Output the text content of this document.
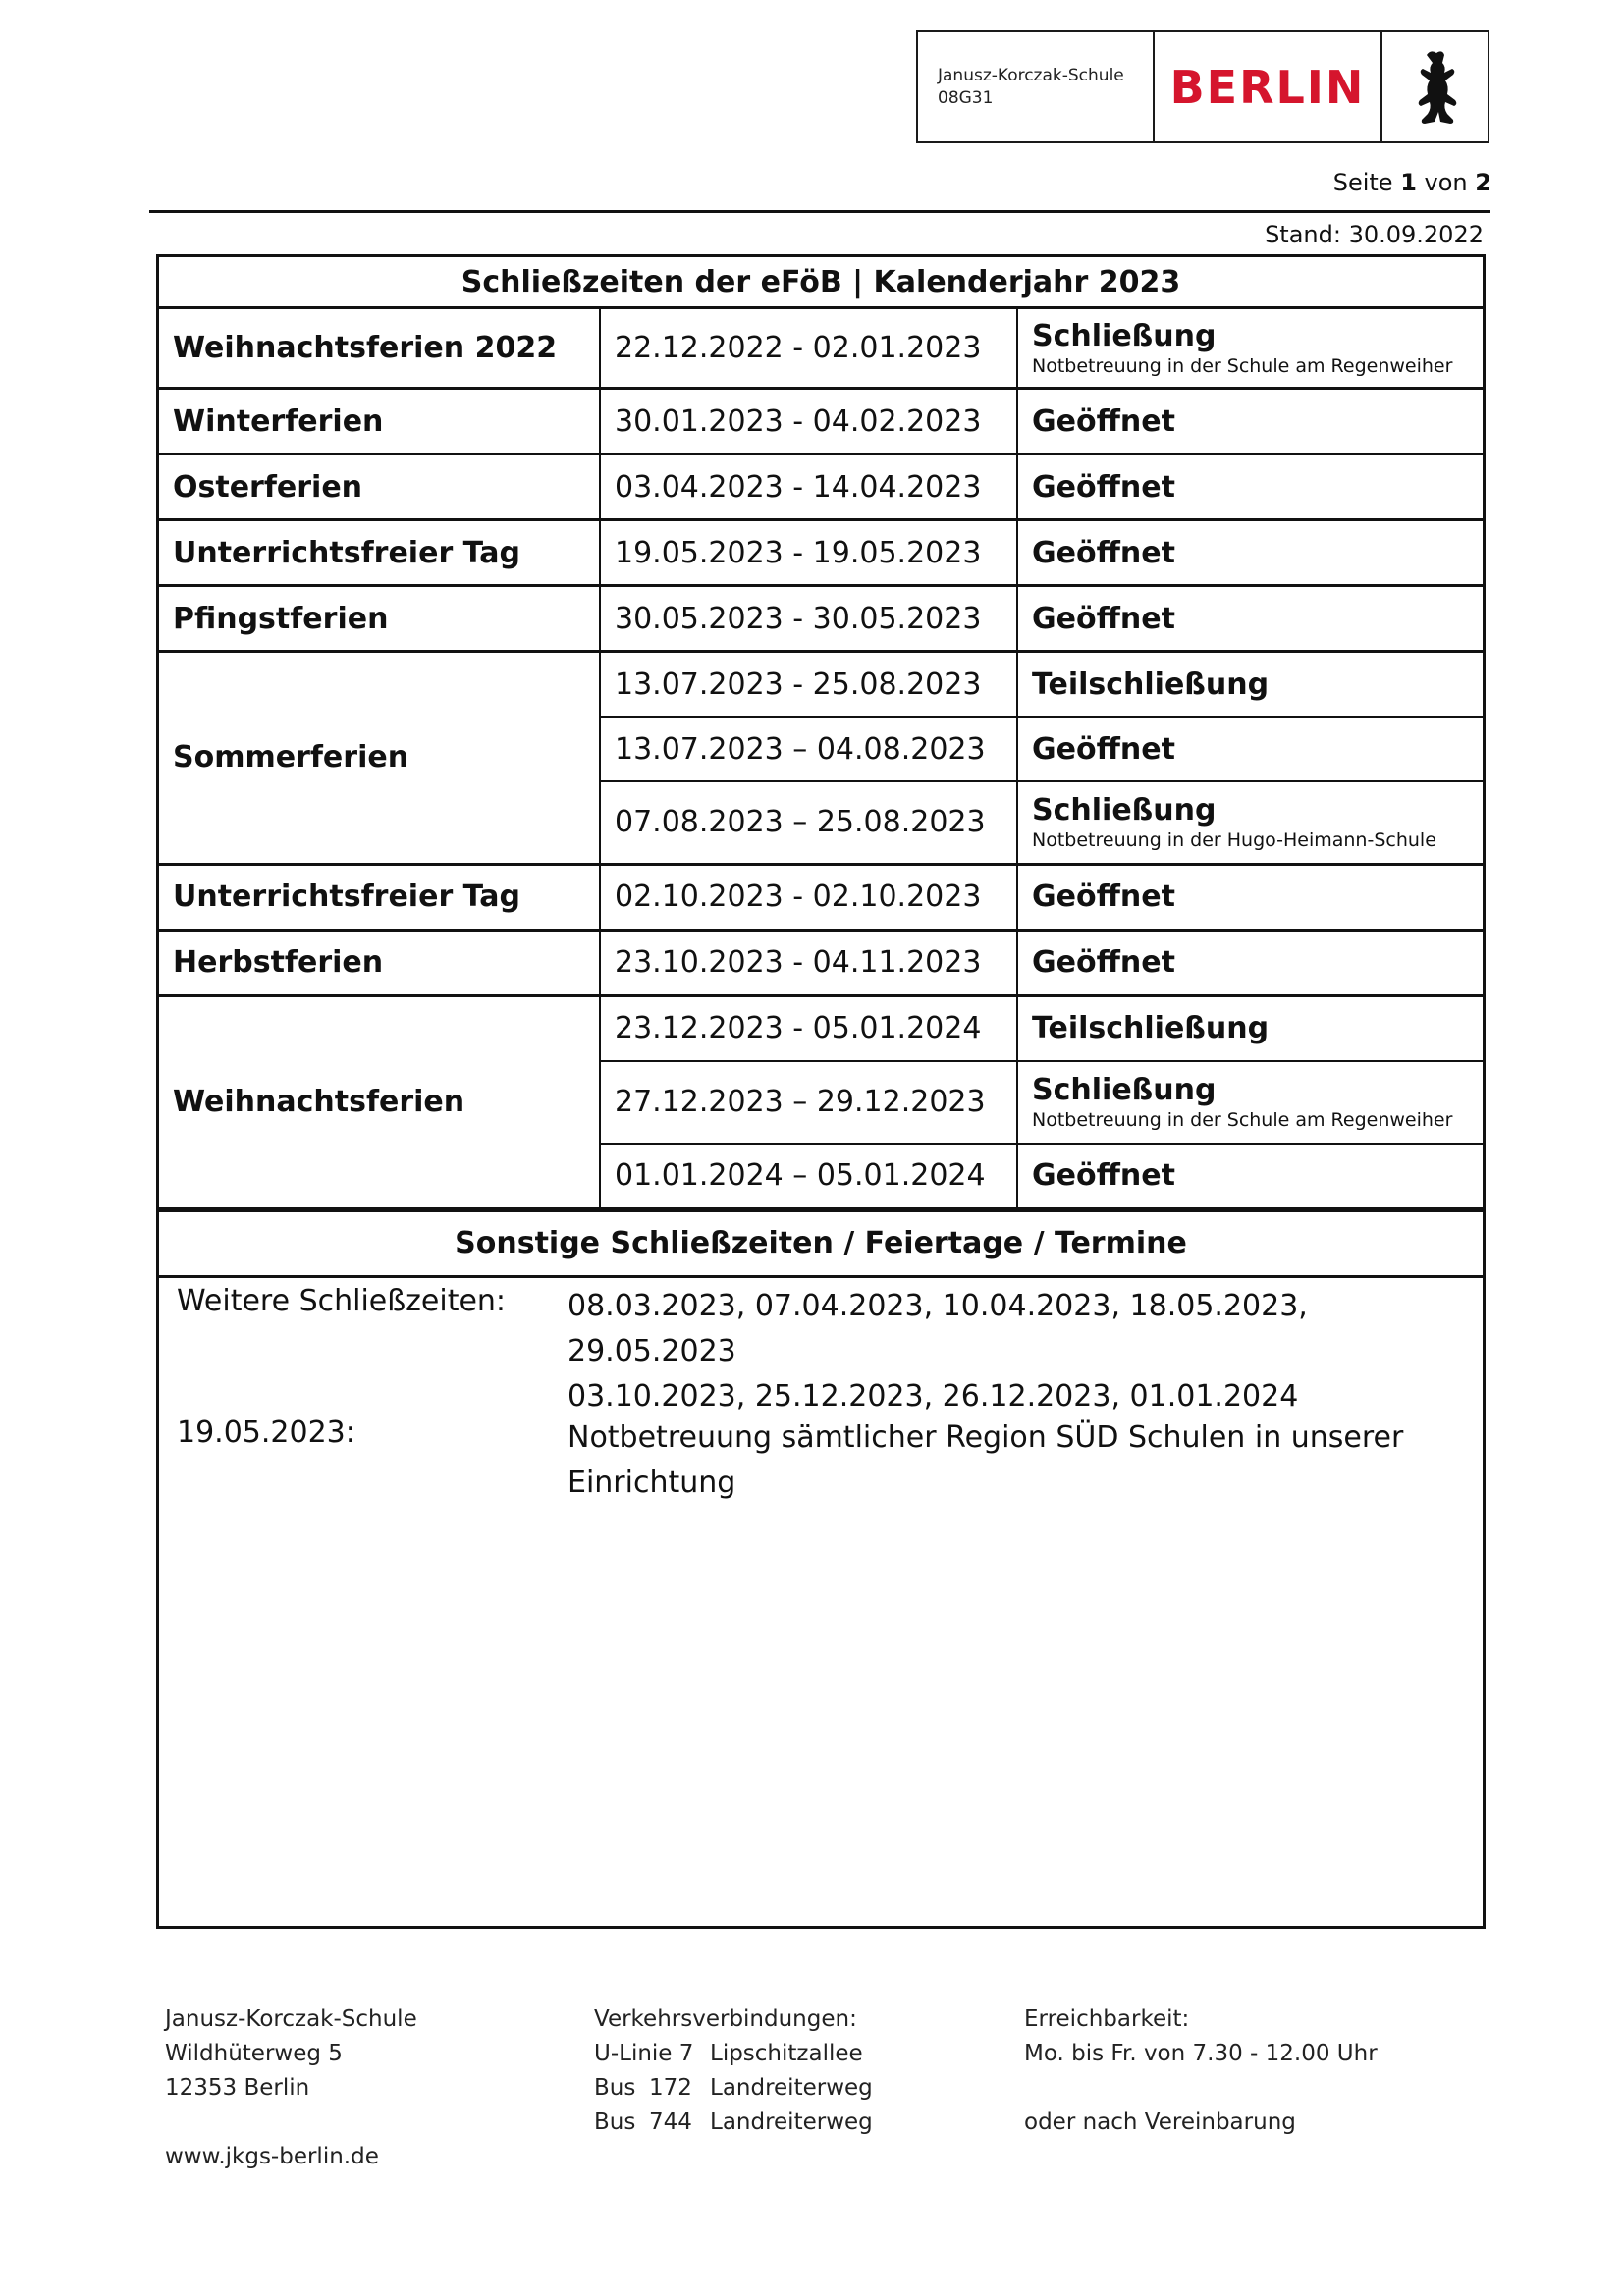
Janusz-Korczak-Schule
08G31	BERLIN
Seite 1 von 2
Stand: 30.09.2022
Schließzeiten der eFöB | Kalenderjahr 2023		
Weihnachtsferien 2022	22.12.2022 - 02.01.2023	Schließung
Notbetreuung in der Schule am Regenweiher

Winterferien	30.01.2023 - 04.02.2023	Geöffnet
Osterferien	03.04.2023 - 14.04.2023	Geöffnet
Unterrichtsfreier Tag	19.05.2023 - 19.05.2023	Geöffnet
Pfingstferien	30.05.2023 - 30.05.2023	Geöffnet
Sommerferien	13.07.2023 - 25.08.2023	Teilschließung
	13.07.2023 – 04.08.2023	Geöffnet
	07.08.2023 – 25.08.2023	Schließung
Notbetreuung in der Hugo-Heimann-Schule

Unterrichtsfreier Tag	02.10.2023 - 02.10.2023	Geöffnet
Herbstferien	23.10.2023 - 04.11.2023	Geöffnet
Weihnachtsferien	23.12.2023 - 05.01.2024	Teilschließung
	27.12.2023 – 29.12.2023	Schließung
Notbetreuung in der Schule am Regenweiher

	01.01.2024 – 05.01.2024	Geöffnet
Sonstige Schließzeiten / Feiertage / Termine
Weitere Schließzeiten: 08.03.2023, 07.04.2023, 10.04.2023, 18.05.2023, 29.05.2023
03.10.2023, 25.12.2023, 26.12.2023, 01.01.2024
19.05.2023:	Notbetreuung sämtlicher Region SÜD Schulen in unserer
Einrichtung
Janusz-Korczak-Schule
Wildhüterweg 5
12353 Berlin

www.jkgs-berlin.de
Verkehrsverbindungen:
U-Linie 7 Lipschitzallee
Bus 172 Landreiterweg
Bus 744 Landreiterweg
Erreichbarkeit:
Mo. bis Fr. von 7.30 - 12.00 Uhr

oder nach Vereinbarung
